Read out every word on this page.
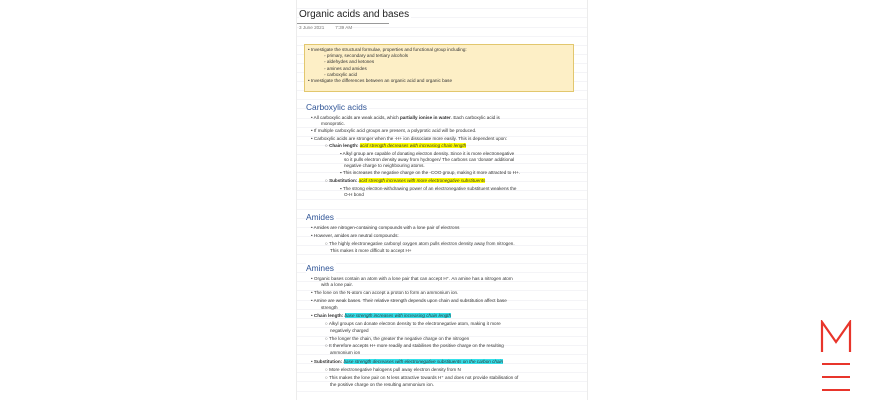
Organic acids and bases
3 June 2021 7:39 AM
• Investigate the structural formulae, properties and functional group including:
◦ primary, secondary and tertiary alcohols
◦ aldehydes and ketones
◦ amines and amides
◦ carboxylic acid
• Investigate the differences between an organic acid and organic base
Carboxylic acids
• All carboxylic acids are weak acids, which partially ionise in water. Each carboxylic acid is
monoprotic.
• If multiple carboxylic acid groups are present, a polyprotic acid will be produced.
• Carboxylic acids are stronger when the -H+ ion dissociate more easily. This is dependent upon:
○ Chain length: acid strength decreases with increasing chain length
▪ Alkyl group are capable of donating electron density. Since it is more electronegative
so it pulls electron density away from hydrogen/ The carbons can 'donate' additional
negative charge to neighbouring atoms.
▪ This increases the negative charge on the -COO group, making it more attracted to H+.
○ Substitution: acid strength increases with more electronegative substituents
▪ The strong electron-withdrawing power of an electronegative substituent weakens the
O-H bond
Amides
• Amides are nitrogen-containing compounds with a lone pair of electrons
• However, amides are neutral compounds:
○ The highly electronegative carbonyl oxygen atom pulls electron density away from nitrogen.
This makes it more difficult to accept H+
Amines
• Organic bases contain an atom with a lone pair that can accept H⁺. An amine has a nitrogen atom
with a lone pair.
• The lone on the N-atom can accept a proton to form an ammonium ion.
• Amine are weak bases. Their relative strength depends upon chain and substitution affect base
strength
• Chain length: base strength increases with increasing chain length
○ Alkyl groups can donate electron density to the electronegative atom, making it more
negatively charged
○ The longer the chain, the greater the negative charge on the nitrogen
○ It therefore accepts H+ more readily and stabilises the positive charge on the resulting
ammonium ion
• Substitution: base strength decreases with electronegative substituents on the carbon chain
○ More electronegative halogens pull away electron density from N
○ This makes the lone pair on N less attractive towards H⁺ and does not provide stabilisation of
the positive charge on the resulting ammonium ion.
